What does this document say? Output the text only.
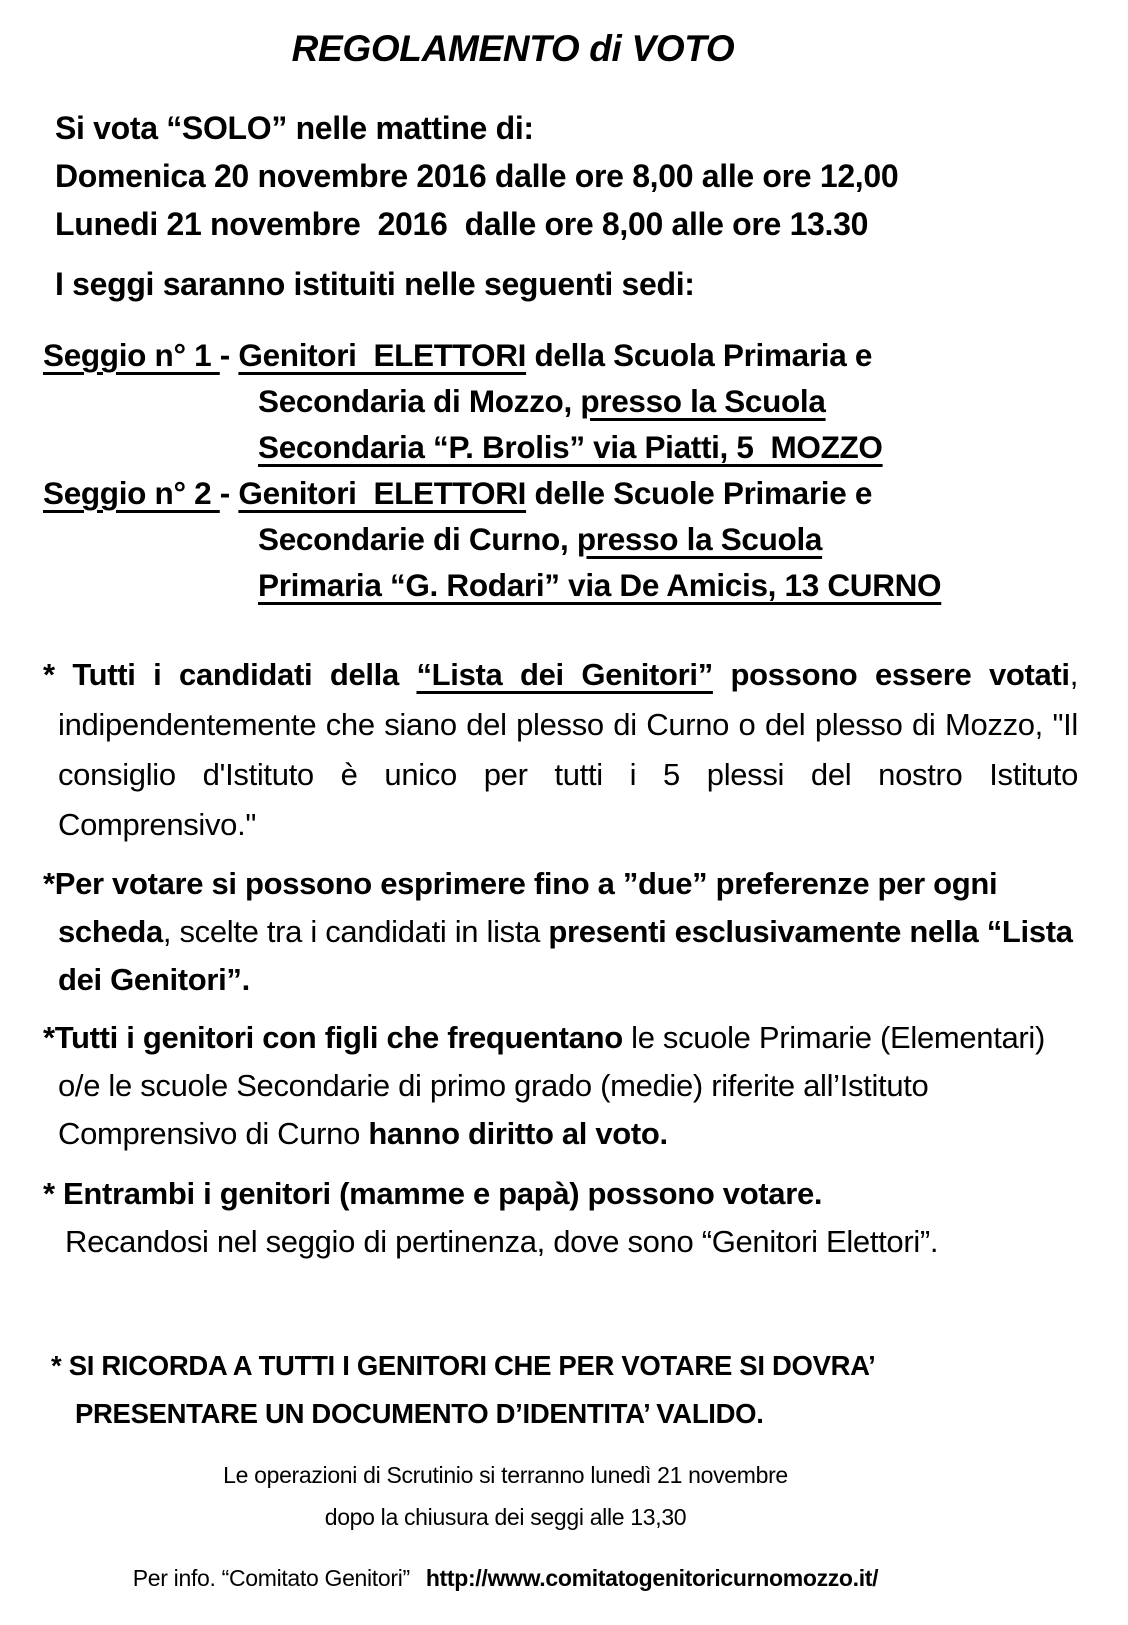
REGOLAMENTO di VOTO
Si vota “SOLO” nelle mattine di:
Domenica 20 novembre 2016 dalle ore 8,00 alle ore 12,00
Lunedi 21 novembre  2016  dalle ore 8,00 alle ore 13.30
I seggi saranno istituiti nelle seguenti sedi:
Seggio n° 1 - Genitori  ELETTORI della Scuola Primaria e
Secondaria di Mozzo, presso la Scuola
Secondaria “P. Brolis” via Piatti, 5  MOZZO
Seggio n° 2 - Genitori  ELETTORI delle Scuole Primarie e
Secondarie di Curno, presso la Scuola
Primaria “G. Rodari” via De Amicis, 13 CURNO
* Tutti i candidati della “Lista dei Genitori” possono essere votati, indipendentemente che siano del plesso di Curno o del plesso di Mozzo, "Il consiglio d'Istituto è unico per tutti i 5 plessi del nostro Istituto Comprensivo."
*Per votare si possono esprimere fino a ”due” preferenze per ogni scheda, scelte tra i candidati in lista presenti esclusivamente nella “Lista dei Genitori”.
*Tutti i genitori con figli che frequentano le scuole Primarie (Elementari) o/e le scuole Secondarie di primo grado (medie) riferite all’Istituto Comprensivo di Curno hanno diritto al voto.
* Entrambi i genitori (mamme e papà) possono votare.
Recandosi nel seggio di pertinenza, dove sono “Genitori Elettori”.
* SI RICORDA A TUTTI I GENITORI CHE PER VOTARE SI DOVRA’
PRESENTARE UN DOCUMENTO D’IDENTITA’ VALIDO.
Le operazioni di Scrutinio si terranno lunedì 21 novembre
dopo la chiusura dei seggi alle 13,30
Per info. “Comitato Genitori” http://www.comitatogenitoricurnomozzo.it/
